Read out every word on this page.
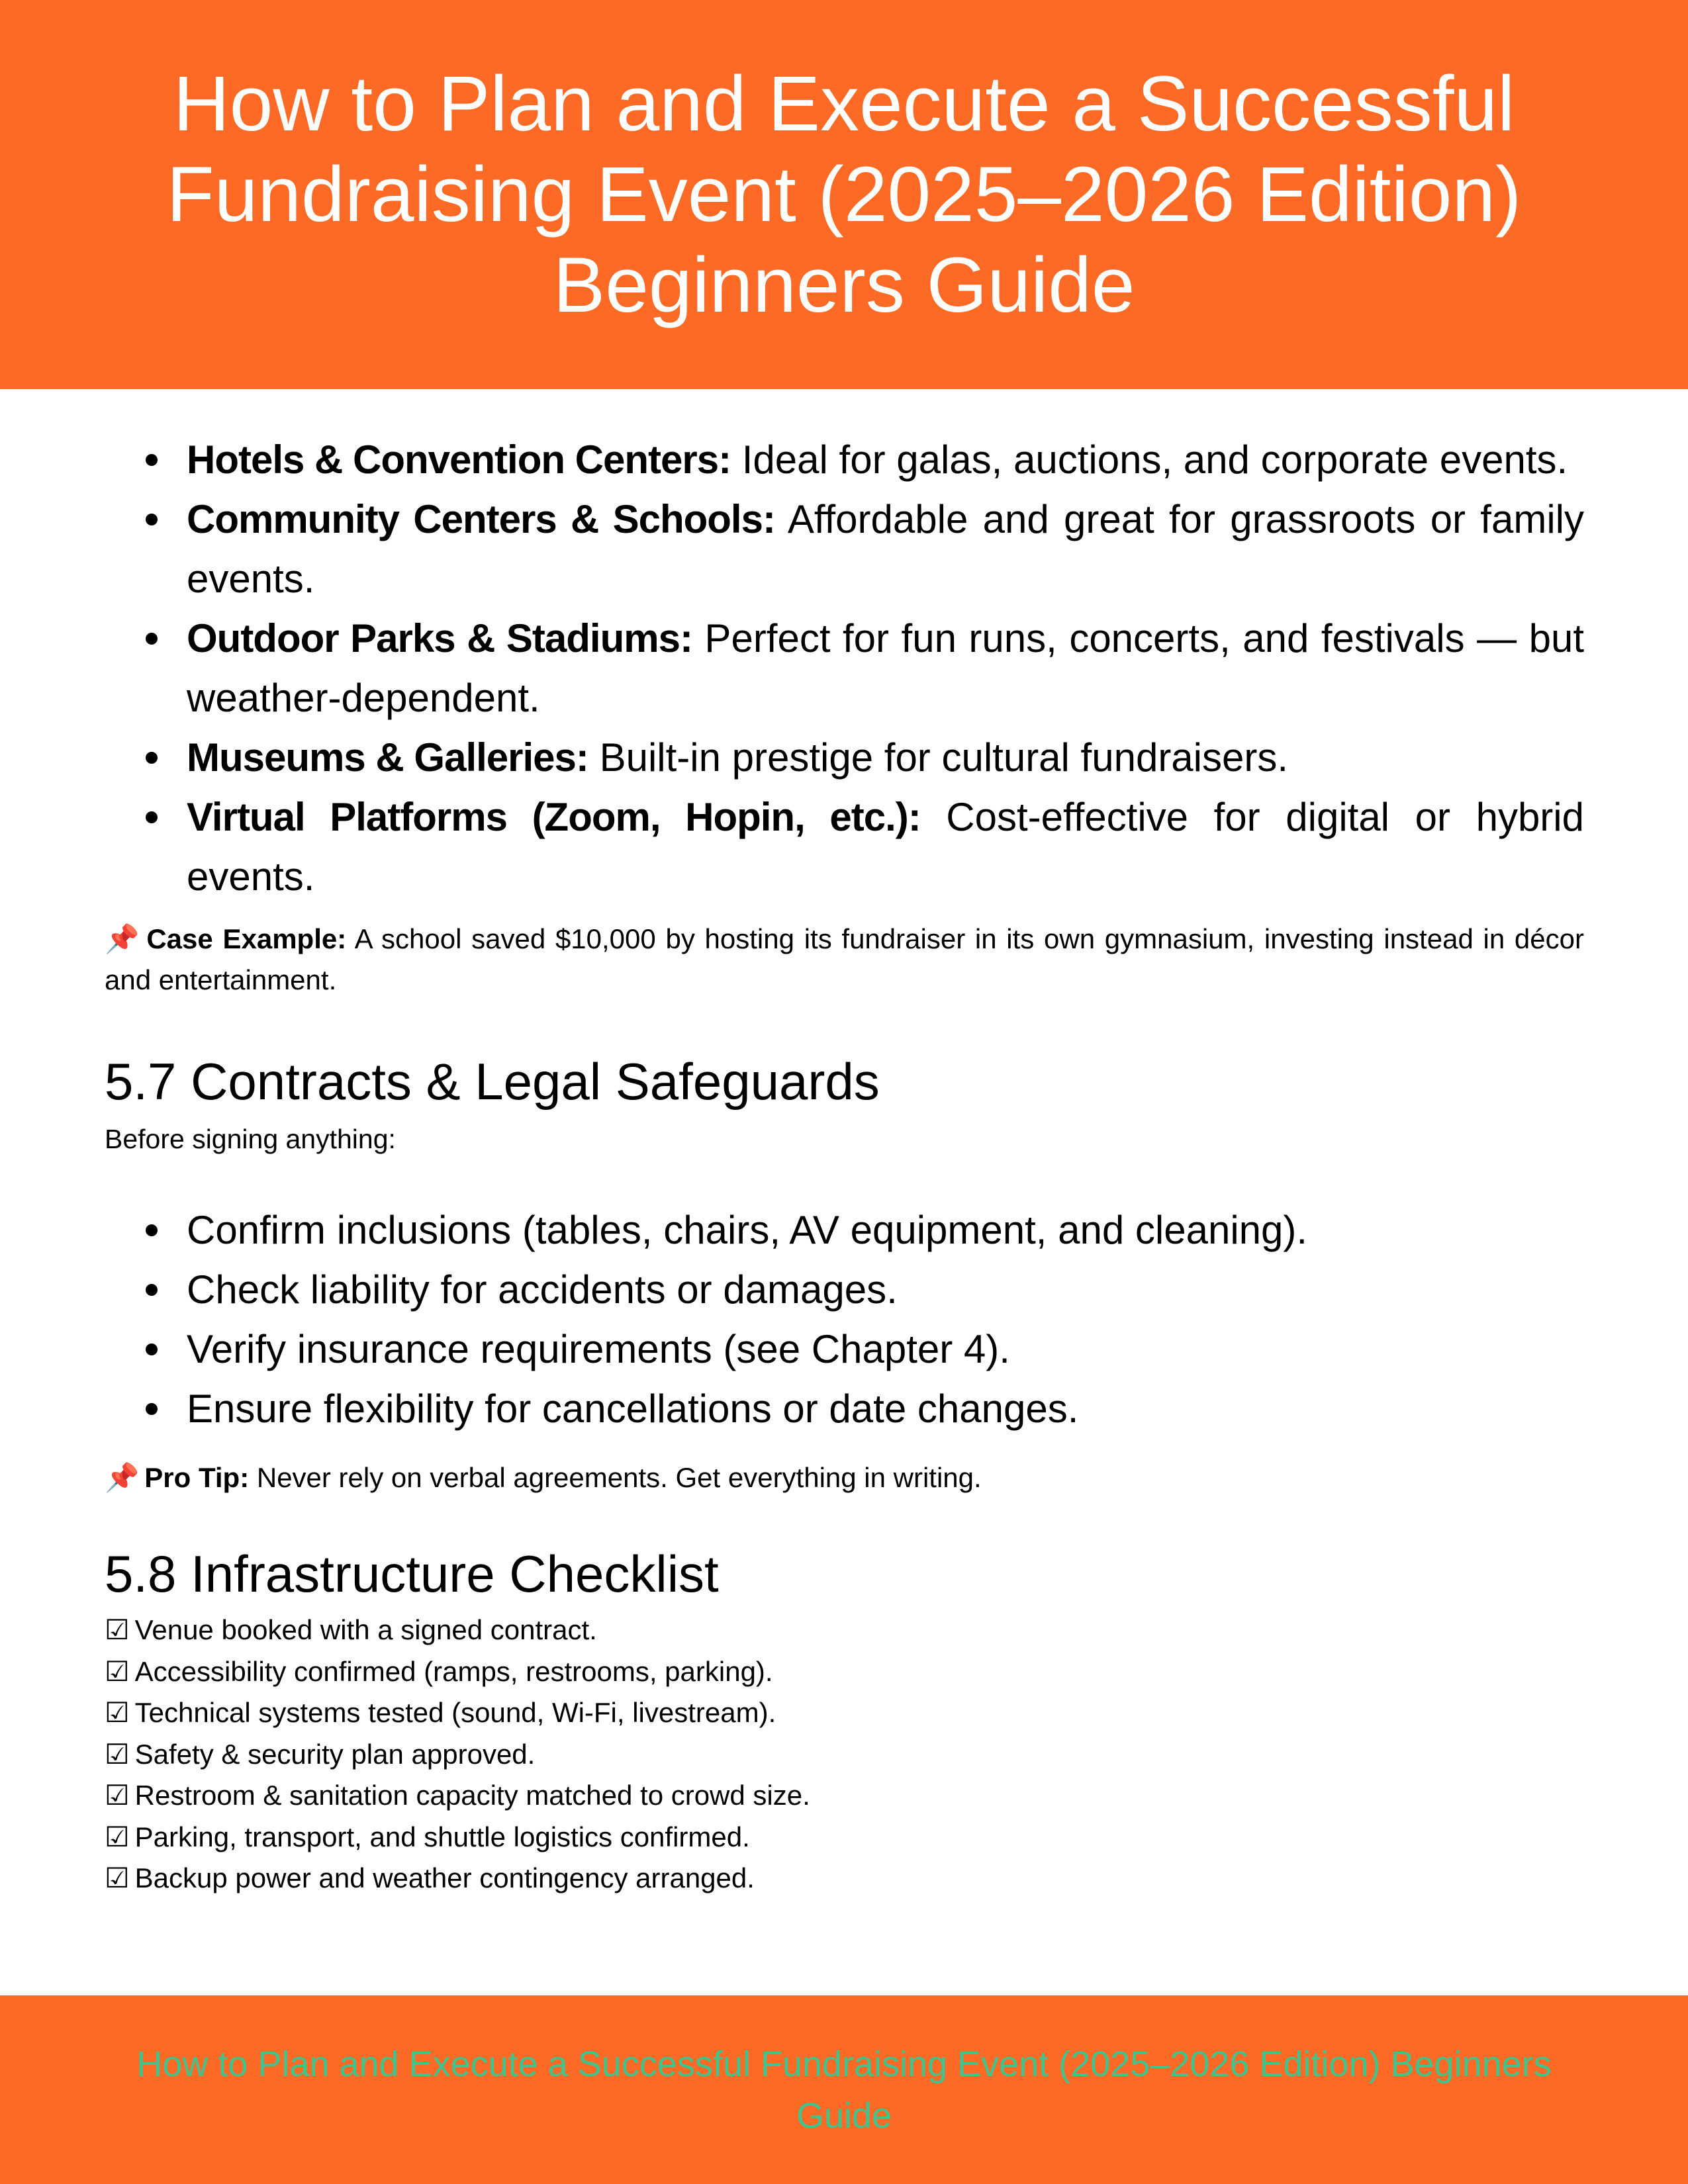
How to Plan and Execute a Successful
Fundraising Event (2025–2026 Edition)
Beginners Guide
Hotels & Convention Centers: Ideal for galas, auctions, and corporate events.
Community Centers & Schools: Affordable and great for grassroots or family events.
Outdoor Parks & Stadiums: Perfect for fun runs, concerts, and festivals — but weather-dependent.
Museums & Galleries: Built-in prestige for cultural fundraisers.
Virtual Platforms (Zoom, Hopin, etc.): Cost-effective for digital or hybrid events.

📌 Case Example: A school saved $10,000 by hosting its fundraiser in its own gymnasium, investing instead in décor and entertainment.

5.7 Contracts & Legal Safeguards

Before signing anything:

Confirm inclusions (tables, chairs, AV equipment, and cleaning).
Check liability for accidents or damages.
Verify insurance requirements (see Chapter 4).
Ensure flexibility for cancellations or date changes.

📌 Pro Tip: Never rely on verbal agreements. Get everything in writing.

5.8 Infrastructure Checklist
☑ Venue booked with a signed contract.
☑ Accessibility confirmed (ramps, restrooms, parking).
☑ Technical systems tested (sound, Wi-Fi, livestream).
☑ Safety & security plan approved.
☑ Restroom & sanitation capacity matched to crowd size.
☑ Parking, transport, and shuttle logistics confirmed.
☑ Backup power and weather contingency arranged.

How to Plan and Execute a Successful Fundraising Event (2025–2026 Edition) Beginners Guide
